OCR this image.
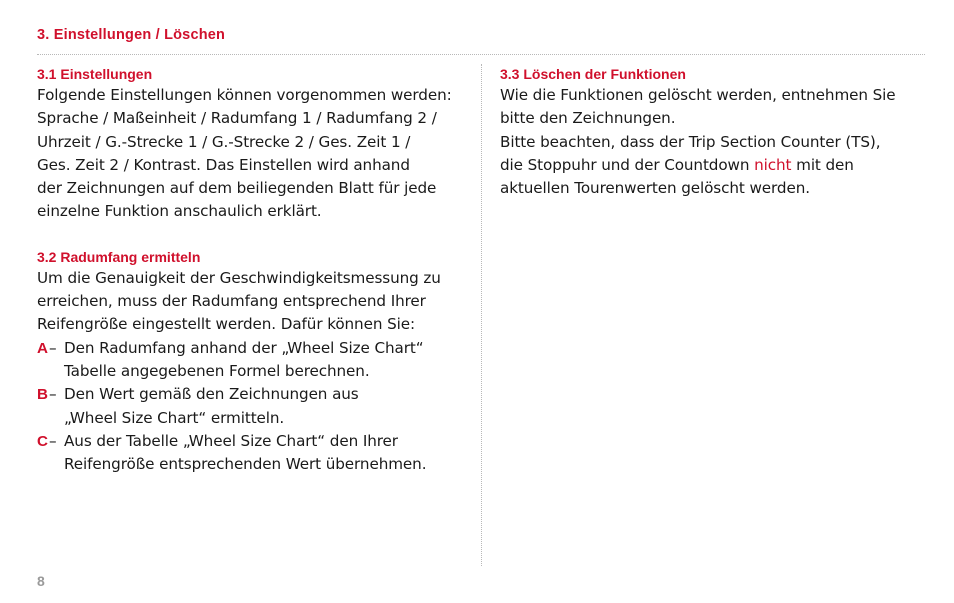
3. Einstellungen / Löschen
3.1 Einstellungen

Folgende Einstellungen können vorgenommen werden:
Sprache / Maßeinheit / Radumfang 1 / Radumfang 2 /
Uhrzeit / G.-Strecke 1 / G.-Strecke 2 / Ges. Zeit 1 /
Ges. Zeit 2 / Kontrast. Das Einstellen wird anhand
der Zeichnungen auf dem beiliegenden Blatt für jede
einzelne Funktion anschaulich erklärt.

3.2 Radumfang ermitteln

Um die Genauigkeit der Geschwindigkeitsmessung zu
erreichen, muss der Radumfang entsprechend Ihrer
Reifengröße eingestellt werden. Dafür können Sie:

A – Den Radumfang anhand der „Wheel Size Chart“
Tabelle angegebenen Formel berechnen.
B – Den Wert gemäß den Zeichnungen aus
„Wheel Size Chart“ ermitteln.
C – Aus der Tabelle „Wheel Size Chart“ den Ihrer
Reifengröße entsprechenden Wert übernehmen.
3.3 Löschen der Funktionen

Wie die Funktionen gelöscht werden, entnehmen Sie
bitte den Zeichnungen.
Bitte beachten, dass der Trip Section Counter (TS),
die Stoppuhr und der Countdown nicht mit den
aktuellen Tourenwerten gelöscht werden.

8
